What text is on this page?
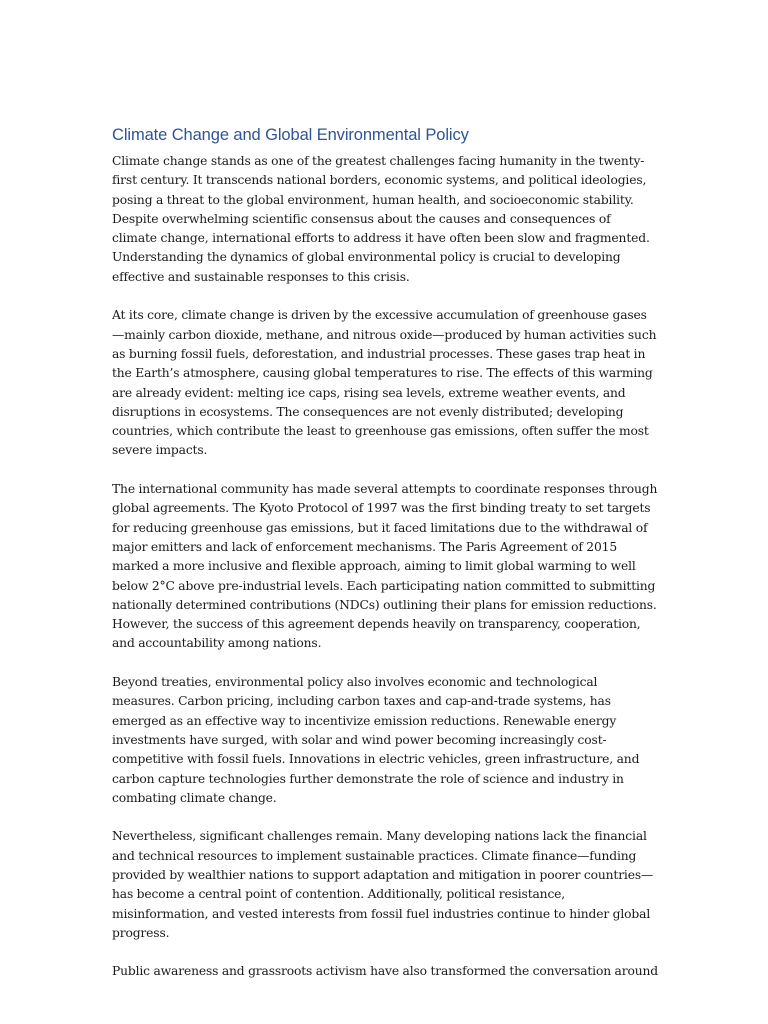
Climate Change and Global Environmental Policy

Climate change stands as one of the greatest challenges facing humanity in the twenty-first century. It transcends national borders, economic systems, and political ideologies, posing a threat to the global environment, human health, and socioeconomic stability. Despite overwhelming scientific consensus about the causes and consequences of climate change, international efforts to address it have often been slow and fragmented. Understanding the dynamics of global environmental policy is crucial to developing effective and sustainable responses to this crisis.

At its core, climate change is driven by the excessive accumulation of greenhouse gases—mainly carbon dioxide, methane, and nitrous oxide—produced by human activities such as burning fossil fuels, deforestation, and industrial processes. These gases trap heat in the Earth’s atmosphere, causing global temperatures to rise. The effects of this warming are already evident: melting ice caps, rising sea levels, extreme weather events, and disruptions in ecosystems. The consequences are not evenly distributed; developing countries, which contribute the least to greenhouse gas emissions, often suffer the most severe impacts.

The international community has made several attempts to coordinate responses through global agreements. The Kyoto Protocol of 1997 was the first binding treaty to set targets for reducing greenhouse gas emissions, but it faced limitations due to the withdrawal of major emitters and lack of enforcement mechanisms. The Paris Agreement of 2015 marked a more inclusive and flexible approach, aiming to limit global warming to well below 2°C above pre-industrial levels. Each participating nation committed to submitting nationally determined contributions (NDCs) outlining their plans for emission reductions. However, the success of this agreement depends heavily on transparency, cooperation, and accountability among nations.

Beyond treaties, environmental policy also involves economic and technological measures. Carbon pricing, including carbon taxes and cap-and-trade systems, has emerged as an effective way to incentivize emission reductions. Renewable energy investments have surged, with solar and wind power becoming increasingly cost-competitive with fossil fuels. Innovations in electric vehicles, green infrastructure, and carbon capture technologies further demonstrate the role of science and industry in combating climate change.

Nevertheless, significant challenges remain. Many developing nations lack the financial and technical resources to implement sustainable practices. Climate finance—funding provided by wealthier nations to support adaptation and mitigation in poorer countries—has become a central point of contention. Additionally, political resistance, misinformation, and vested interests from fossil fuel industries continue to hinder global progress.

Public awareness and grassroots activism have also transformed the conversation around
